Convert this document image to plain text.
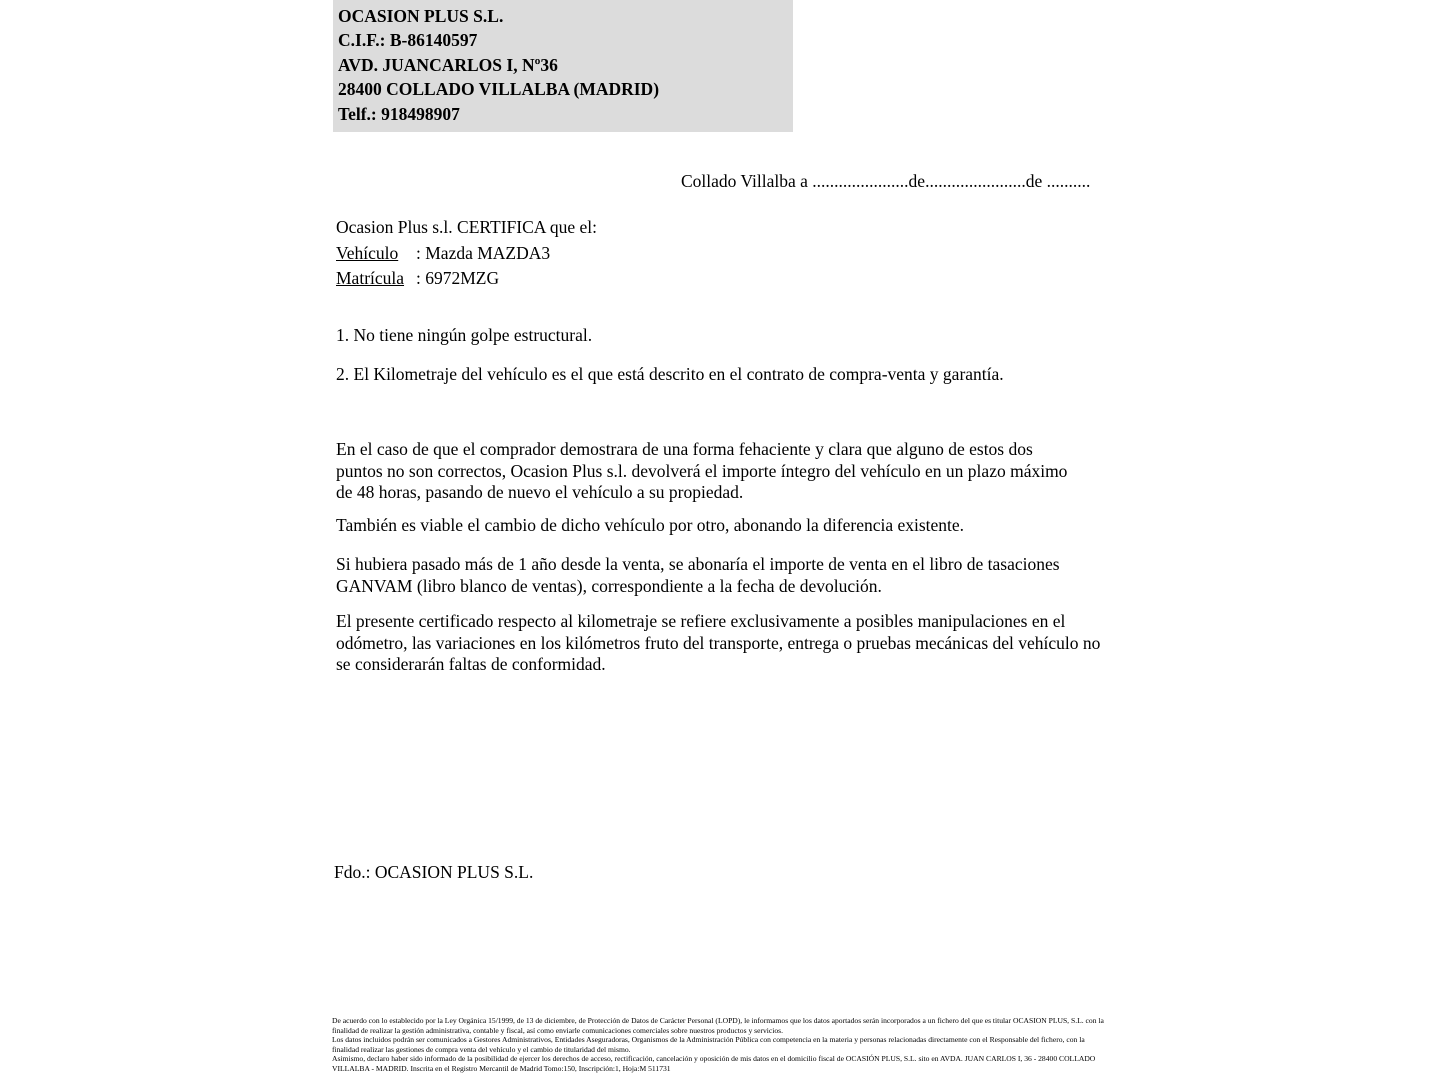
OCASION PLUS S.L.
C.I.F.: B-86140597
AVD. JUANCARLOS I, Nº36
28400 COLLADO VILLALBA (MADRID)
Telf.: 918498907
Collado Villalba a ......................de.......................de ..........
Ocasion Plus s.l. CERTIFICA que el:
Vehículo : Mazda MAZDA3
Matrícula : 6972MZG
1. No tiene ningún golpe estructural.
2. El Kilometraje del vehículo es el que está descrito en el contrato de compra-venta y garantía.
En el caso de que el comprador demostrara de una forma fehaciente y clara que alguno de estos dos puntos no son correctos, Ocasion Plus s.l. devolverá el importe íntegro del vehículo en un plazo máximo de 48 horas, pasando de nuevo el vehículo a su propiedad.
También es viable el cambio de dicho vehículo por otro, abonando la diferencia existente.
Si hubiera pasado más de 1 año desde la venta, se abonaría el importe de venta en el libro de tasaciones GANVAM (libro blanco de ventas), correspondiente a la fecha de devolución.
El presente certificado respecto al kilometraje se refiere exclusivamente a posibles manipulaciones en el odómetro, las variaciones en los kilómetros fruto del transporte, entrega o pruebas mecánicas del vehículo no se considerarán faltas de conformidad.
Fdo.: OCASION PLUS S.L.

De acuerdo con lo establecido por la Ley Orgánica 15/1999, de 13 de diciembre, de Protección de Datos de Carácter Personal (LOPD), le informamos que los datos aportados serán incorporados a un fichero del que es titular OCASION PLUS, S.L. con la finalidad de realizar la gestión administrativa, contable y fiscal, así como enviarle comunicaciones comerciales sobre nuestros productos y servicios.

Los datos incluidos podrán ser comunicados a Gestores Administrativos, Entidades Aseguradoras, Organismos de la Administración Pública con competencia en la materia y personas relacionadas directamente con el Responsable del fichero, con la finalidad realizar las gestiones de compra venta del vehículo y el cambio de titularidad del mismo.

Asimismo, declaro haber sido informado de la posibilidad de ejercer los derechos de acceso, rectificación, cancelación y oposición de mis datos en el domicilio fiscal de OCASIÓN PLUS, S.L. sito en AVDA. JUAN CARLOS I, 36 - 28400 COLLADO VILLALBA - MADRID. Inscrita en el Registro Mercantil de Madrid Tomo:150, Inscripción:1, Hoja:M 511731
